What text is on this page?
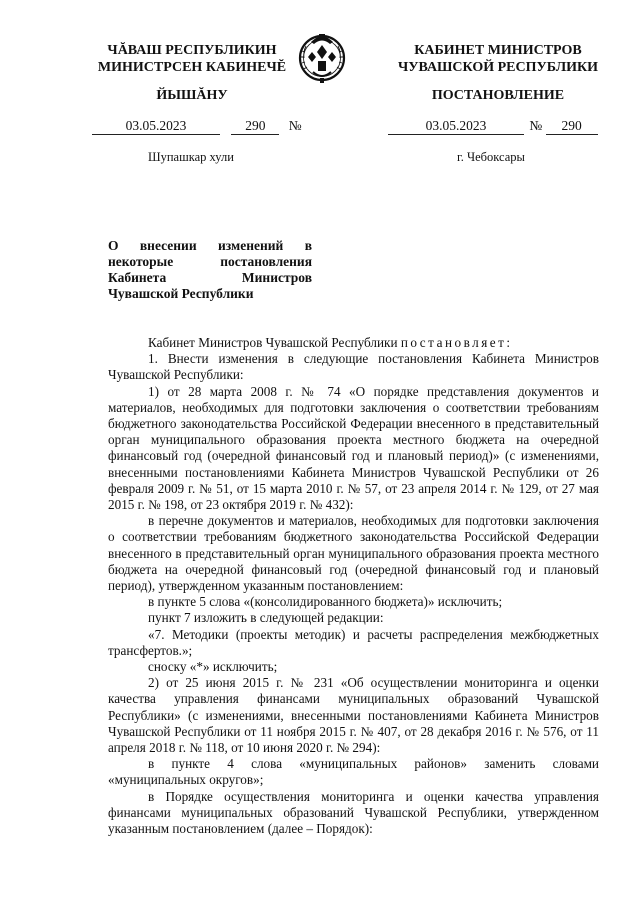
ЧĂВАШ РЕСПУБЛИКИН
МИНИСТРСЕН КАБИНЕЧĔ
КАБИНЕТ МИНИСТРОВ
ЧУВАШСКОЙ РЕСПУБЛИКИ
ЙЫШĂНУ	ПОСТАНОВЛЕНИЕ
03.05.2023	290 №	03.05.2023	№ 290
Шупашкар хули	г. Чебоксары
О внесении изменений в некоторые постановления Кабинета Министров Чувашской Республики

Кабинет Министров Чувашской Республики постановляет:

1. Внести изменения в следующие постановления Кабинета Министров Чувашской Республики:

1) от 28 марта 2008 г. № 74 «О порядке представления документов и материалов, необходимых для подготовки заключения о соответствии требованиям бюджетного законодательства Российской Федерации внесенного в представительный орган муниципального образования проекта местного бюджета на очередной финансовый год (очередной финансовый год и плановый период)» (с изменениями, внесенными постановлениями Кабинета Министров Чувашской Республики от 26 февраля 2009 г. № 51, от 15 марта 2010 г. № 57, от 23 апреля 2014 г. № 129, от 27 мая 2015 г. № 198, от 23 октября 2019 г. № 432):

в перечне документов и материалов, необходимых для подготовки заключения о соответствии требованиям бюджетного законодательства Российской Федерации внесенного в представительный орган муниципального образования проекта местного бюджета на очередной финансовый год (очередной финансовый год и плановый период), утвержденном указанным постановлением:

в пункте 5 слова «(консолидированного бюджета)» исключить;

пункт 7 изложить в следующей редакции:

«7. Методики (проекты методик) и расчеты распределения межбюджетных трансфертов.»;

сноску «*» исключить;

2) от 25 июня 2015 г. № 231 «Об осуществлении мониторинга и оценки качества управления финансами муниципальных образований Чувашской Республики» (с изменениями, внесенными постановлениями Кабинета Министров Чувашской Республики от 11 ноября 2015 г. № 407, от 28 декабря 2016 г. № 576, от 11 апреля 2018 г. № 118, от 10 июня 2020 г. № 294):

в пункте 4 слова «муниципальных районов» заменить словами «муниципальных округов»;

в Порядке осуществления мониторинга и оценки качества управления финансами муниципальных образований Чувашской Республики, утвержденном указанным постановлением (далее – Порядок):
